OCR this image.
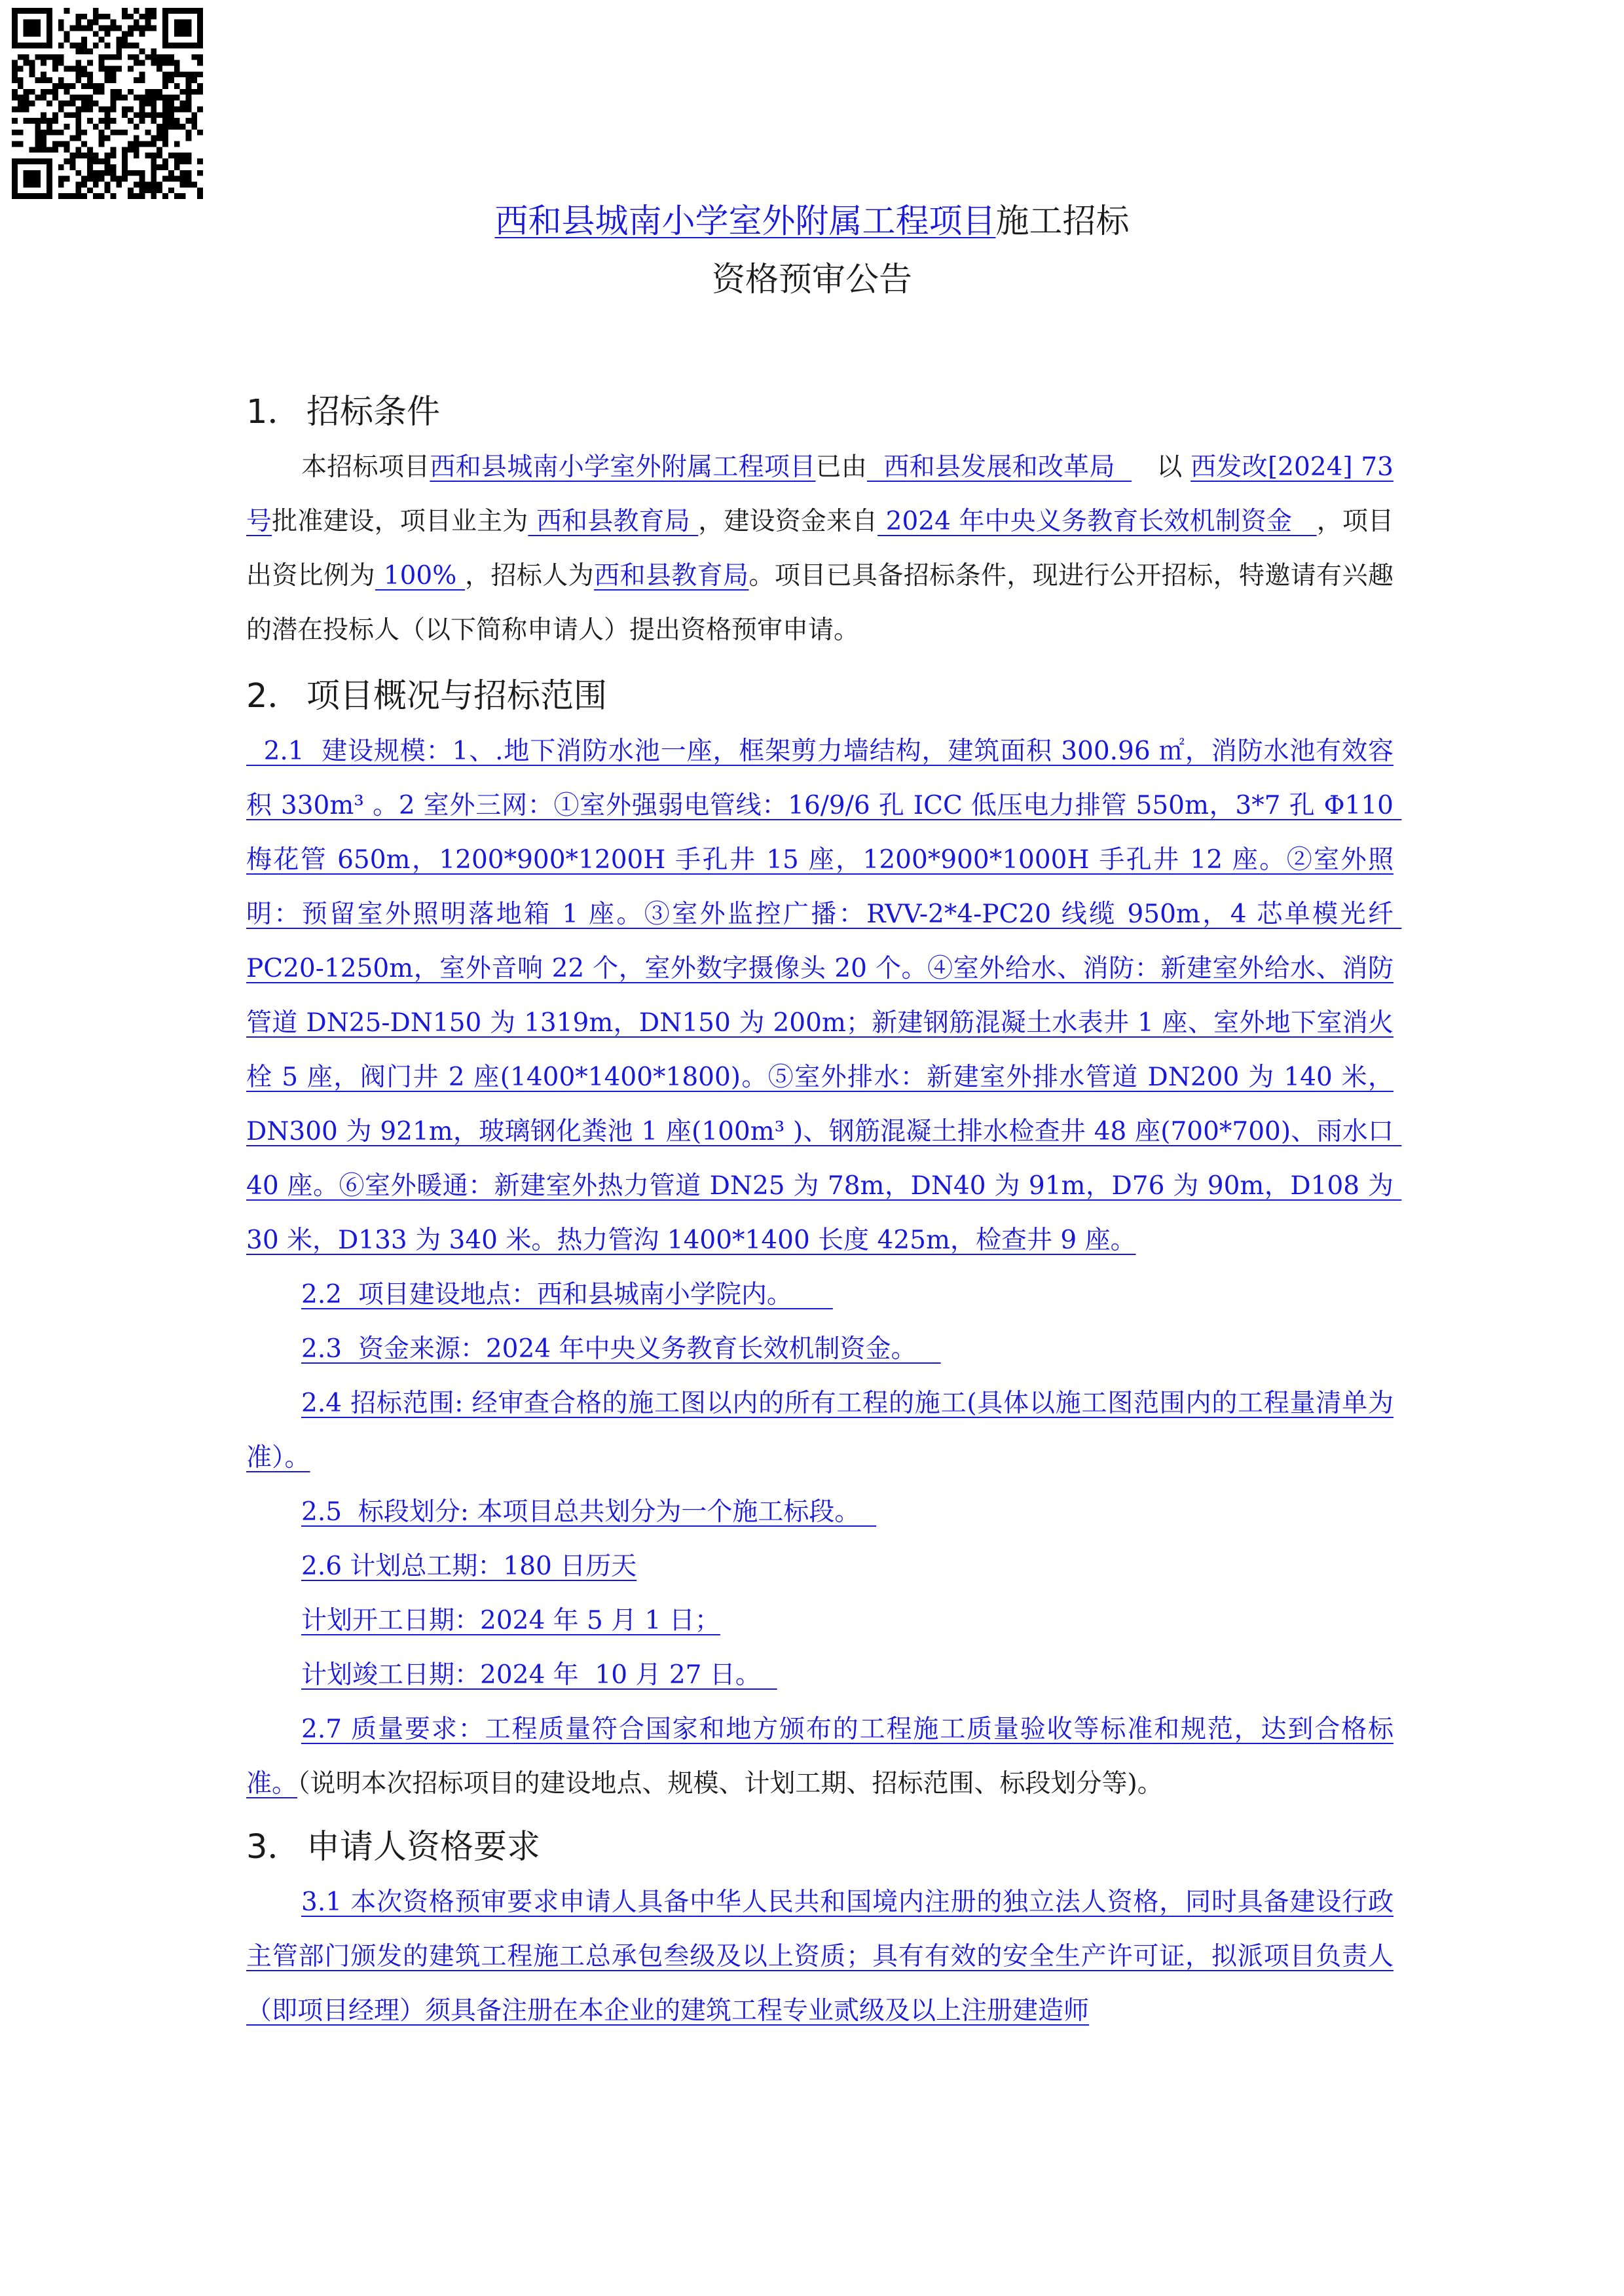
西和县城南小学室外附属工程项目施工招标
资格预审公告
1． 招标条件

本招标项目西和县城南小学室外附属工程项目已由  西和县发展和改革局     以 西发改[2024] 73 号批准建设，项目业主为 西和县教育局 ，建设资金来自 2024 年中央义务教育长效机制资金   ，项目出资比例为 100% ，招标人为西和县教育局。项目已具备招标条件，现进行公开招标，特邀请有兴趣的潜在投标人（以下简称申请人）提出资格预审申请。

2． 项目概况与招标范围

2.1  建设规模：1、.地下消防水池一座，框架剪力墙结构，建筑面积 300.96 ㎡，消防水池有效容积 330m³ 。2 室外三网：①室外强弱电管线：16/9/6 孔 ICC 低压电力排管 550m，3*7 孔 Φ110 梅花管 650m，1200*900*1200H 手孔井 15 座，1200*900*1000H 手孔井 12 座。②室外照明：预留室外照明落地箱 1 座。③室外监控广播：RVV-2*4-PC20 线缆 950m，4 芯单模光纤 PC20-1250m，室外音响 22 个，室外数字摄像头 20 个。④室外给水、消防：新建室外给水、消防管道 DN25-DN150 为 1319m，DN150 为 200m；新建钢筋混凝土水表井 1 座、室外地下室消火栓 5 座，阀门井 2 座(1400*1400*1800)。⑤室外排水：新建室外排水管道 DN200 为 140 米，DN300 为 921m，玻璃钢化粪池 1 座(100m³ )、钢筋混凝土排水检查井 48 座(700*700)、雨水口 40 座。⑥室外暖通：新建室外热力管道 DN25 为 78m，DN40 为 91m，D76 为 90m，D108 为 30 米，D133 为 340 米。热力管沟 1400*1400 长度 425m，检查井 9 座。

2.2  项目建设地点：西和县城南小学院内。

2.3  资金来源：2024 年中央义务教育长效机制资金。

2.4 招标范围: 经审查合格的施工图以内的所有工程的施工(具体以施工图范围内的工程量清单为准）。

2.5  标段划分: 本项目总共划分为一个施工标段。

2.6 计划总工期：180 日历天

计划开工日期：2024 年 5 月 1 日；

计划竣工日期：2024 年  10 月 27 日。

2.7 质量要求：工程质量符合国家和地方颁布的工程施工质量验收等标准和规范，达到合格标准。（说明本次招标项目的建设地点、规模、计划工期、招标范围、标段划分等)。

3． 申请人资格要求

3.1 本次资格预审要求申请人具备中华人民共和国境内注册的独立法人资格，同时具备建设行政主管部门颁发的建筑工程施工总承包叁级及以上资质；具有有效的安全生产许可证，拟派项目负责人（即项目经理）须具备注册在本企业的建筑工程专业贰级及以上注册建造师
